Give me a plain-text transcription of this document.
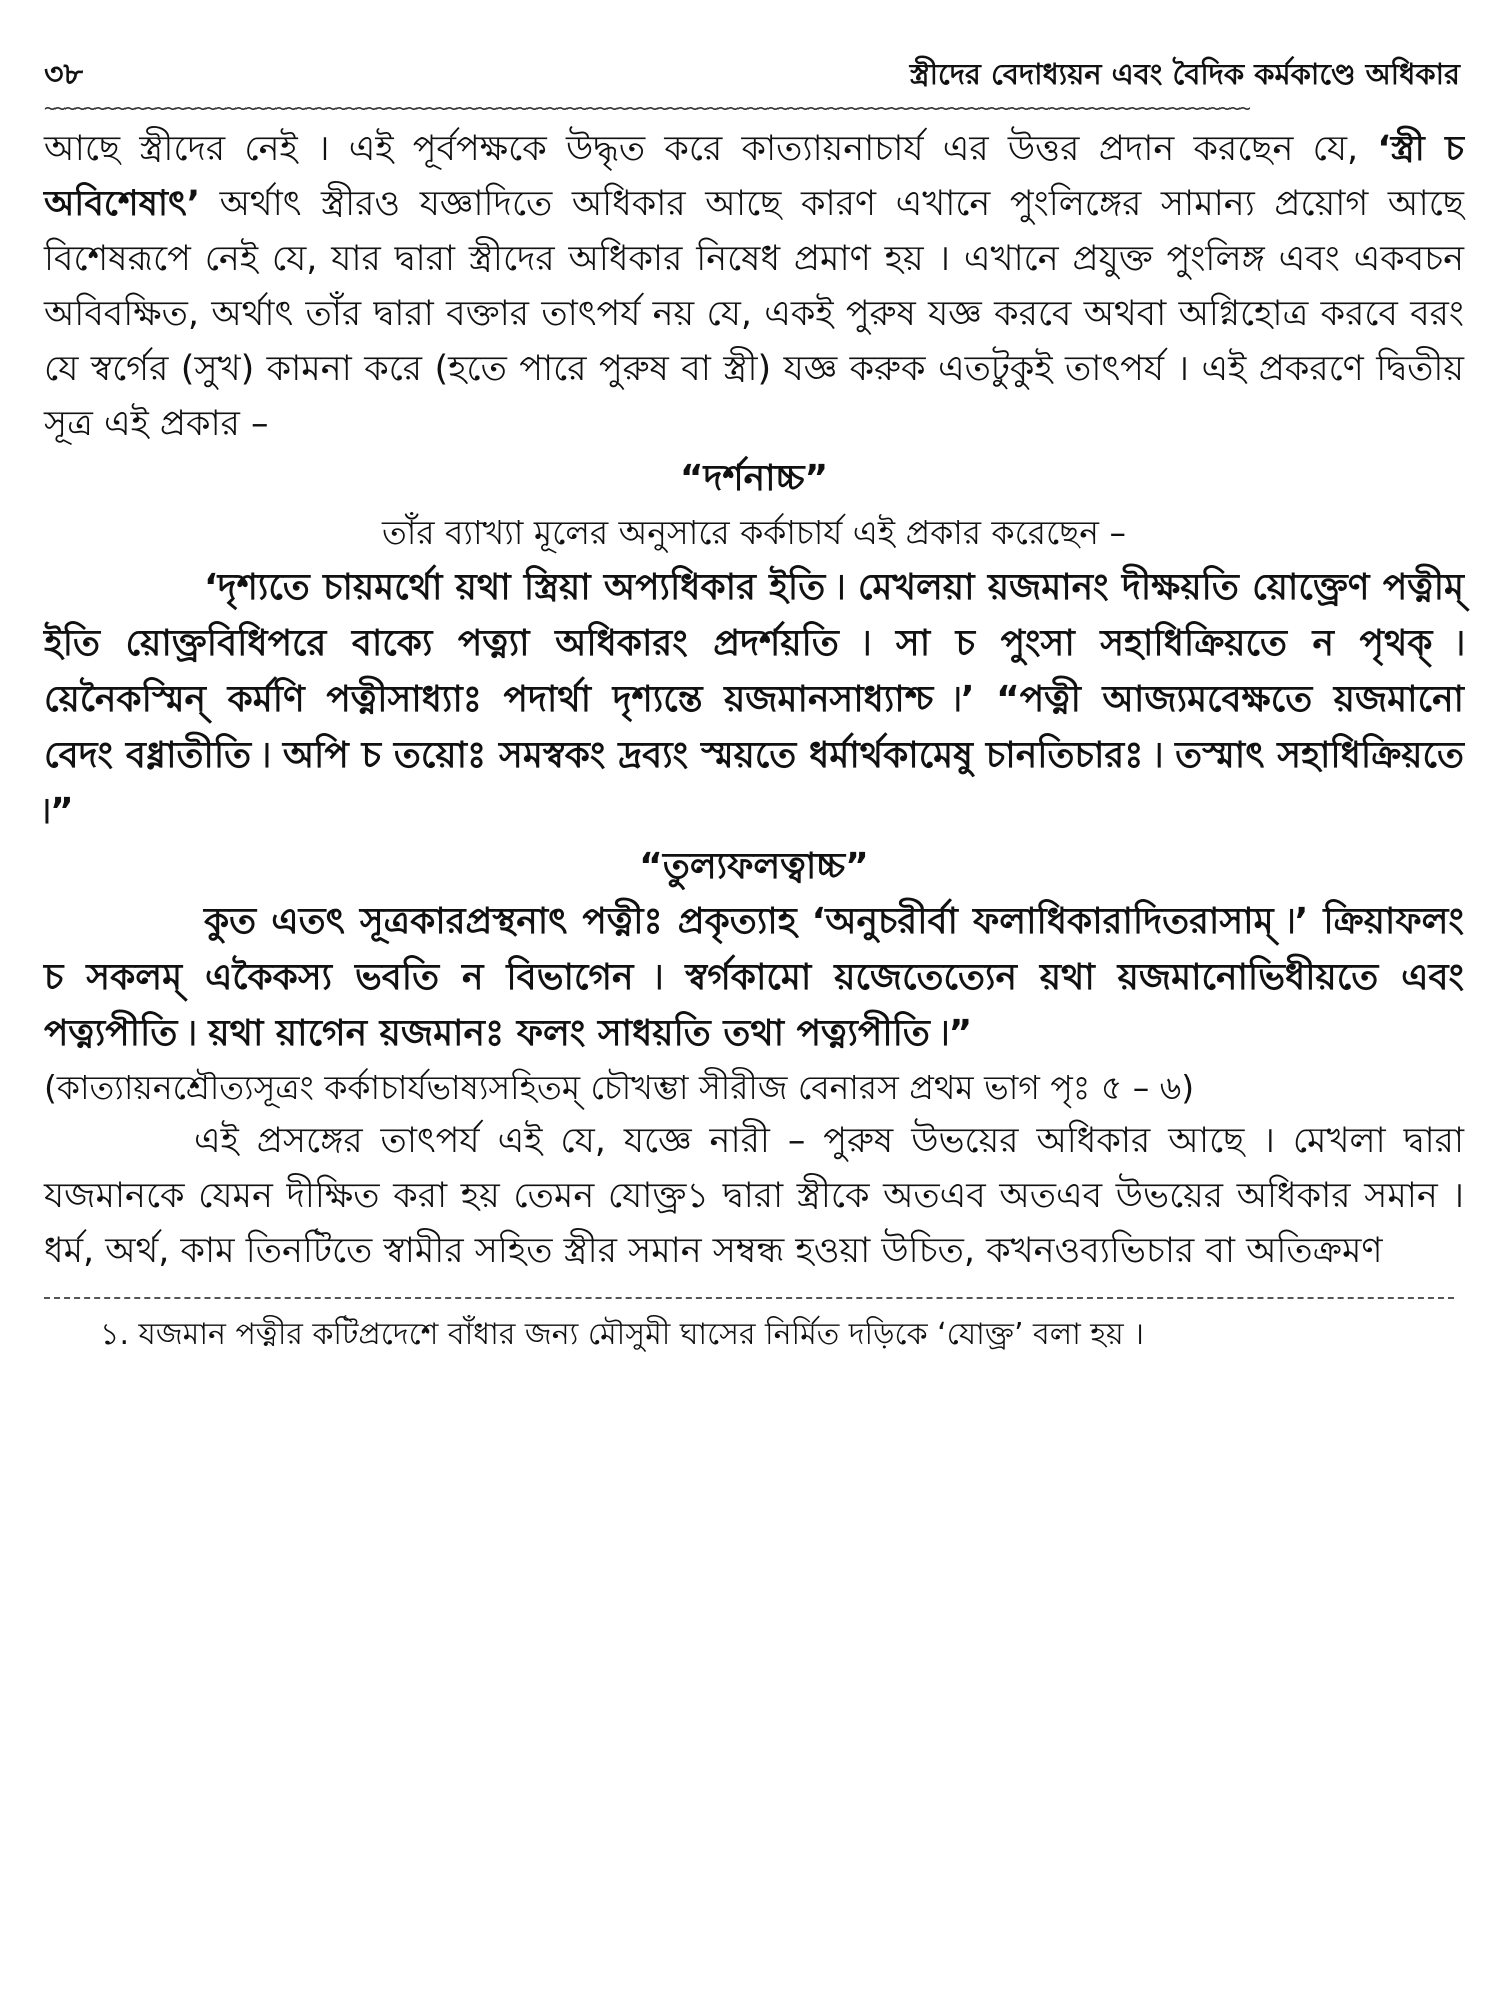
৩৮	স্ত্রীদের বেদাধ্যয়ন এবং বৈদিক কর্মকাণ্ডে অধিকার
~~~~~~~~~~~~~~~~~~~~~~~~~~~~~~~~~~~~~~~~~~~~~~~~~~~~~~~~~~~~~~~~~~~~~~~~~~~~~~~~~~~~~~~~~~~~~~~~~~~~~~~~~~~~~~~~~~~~~~~~

আছে স্ত্রীদের নেই । এই পূর্বপক্ষকে উদ্ধৃত করে কাত্যায়নাচার্য এর উত্তর প্রদান করছেন যে, ‘স্ত্রী চ অবিশেষাৎ’ অর্থাৎ স্ত্রীরও যজ্ঞাদিতে অধিকার আছে কারণ এখানে পুংলিঙ্গের সামান্য প্রয়োগ আছে বিশেষরূপে নেই যে, যার দ্বারা স্ত্রীদের অধিকার নিষেধ প্রমাণ হয় । এখানে প্রযুক্ত পুংলিঙ্গ এবং একবচন অবিবক্ষিত, অর্থাৎ তাঁর দ্বারা বক্তার তাৎপর্য নয় যে, একই পুরুষ যজ্ঞ করবে অথবা অগ্নিহোত্র করবে বরং যে স্বর্গের (সুখ) কামনা করে (হতে পারে পুরুষ বা স্ত্রী) যজ্ঞ করুক এতটুকুই তাৎপর্য । এই প্রকরণে দ্বিতীয় সূত্র এই প্রকার –

“দর্শনাচ্চ”

তাঁর ব্যাখ্যা মূলের অনুসারে কর্কাচার্য এই প্রকার করেছেন –

‘দৃশ্যতে চায়মর্থো য়থা স্ত্রিয়া অপ্যধিকার ইতি ৷ মেখলয়া য়জমানং দীক্ষয়তি য়োক্ত্রেণ পত্নীম্ ইতি য়োক্ত্রবিধিপরে বাক্যে পত্ন্যা অধিকারং প্রদর্শয়তি ৷ সা চ পুংসা সহাধিক্রিয়তে ন পৃথক্ ৷ য়েনৈকস্মিন্ কর্মণি পত্নীসাধ্যাঃ পদার্থা দৃশ্যন্তে য়জমানসাধ্যাশ্চ ৷’ “পত্নী আজ্যমবেক্ষতে য়জমানো বেদং বধ্নাতীতি ৷ অপি চ তয়োঃ সমস্বকং দ্রব্যং স্ময়তে ধর্মার্থকামেষু চানতিচারঃ ৷ তস্মাৎ সহাধিক্রিয়তে ৷”

“তুল্যফলত্বাচ্চ”

কুত এতৎ সূত্রকারপ্রস্থনাৎ পত্নীঃ প্রকৃত্যাহ ‘অনুচরীর্বা ফলাধিকারাদিতরাসাম্ ৷’ ক্রিয়াফলং চ সকলম্ একৈকস্য ভবতি ন বিভাগেন ৷ স্বর্গকামো য়জেতেত্যেন য়থা য়জমানোভিধীয়তে এবং পত্ন্যপীতি ৷ য়থা য়াগেন য়জমানঃ ফলং সাধয়তি তথা পত্ন্যপীতি ৷”

(কাত্যায়নশ্রৌত্যসূত্রং কর্কাচার্যভাষ্যসহিতম্ চৌখম্ভা সীরীজ বেনারস প্রথম ভাগ পৃঃ ৫ – ৬)

এই প্রসঙ্গের তাৎপর্য এই যে, যজ্ঞে নারী – পুরুষ উভয়ের অধিকার আছে । মেখলা দ্বারা যজমানকে যেমন দীক্ষিত করা হয় তেমন যোক্ত্র১ দ্বারা স্ত্রীকে অতএব অতএব উভয়ের অধিকার সমান । ধর্ম, অর্থ, কাম তিনটিতে স্বামীর সহিত স্ত্রীর সমান সম্বন্ধ হওয়া উচিত, কখনওব্যভিচার বা অতিক্রমণ

১. যজমান পত্নীর কটিপ্রদেশে বাঁধার জন্য মৌসুমী ঘাসের নির্মিত দড়িকে ‘যোক্ত্র’ বলা হয় ।
